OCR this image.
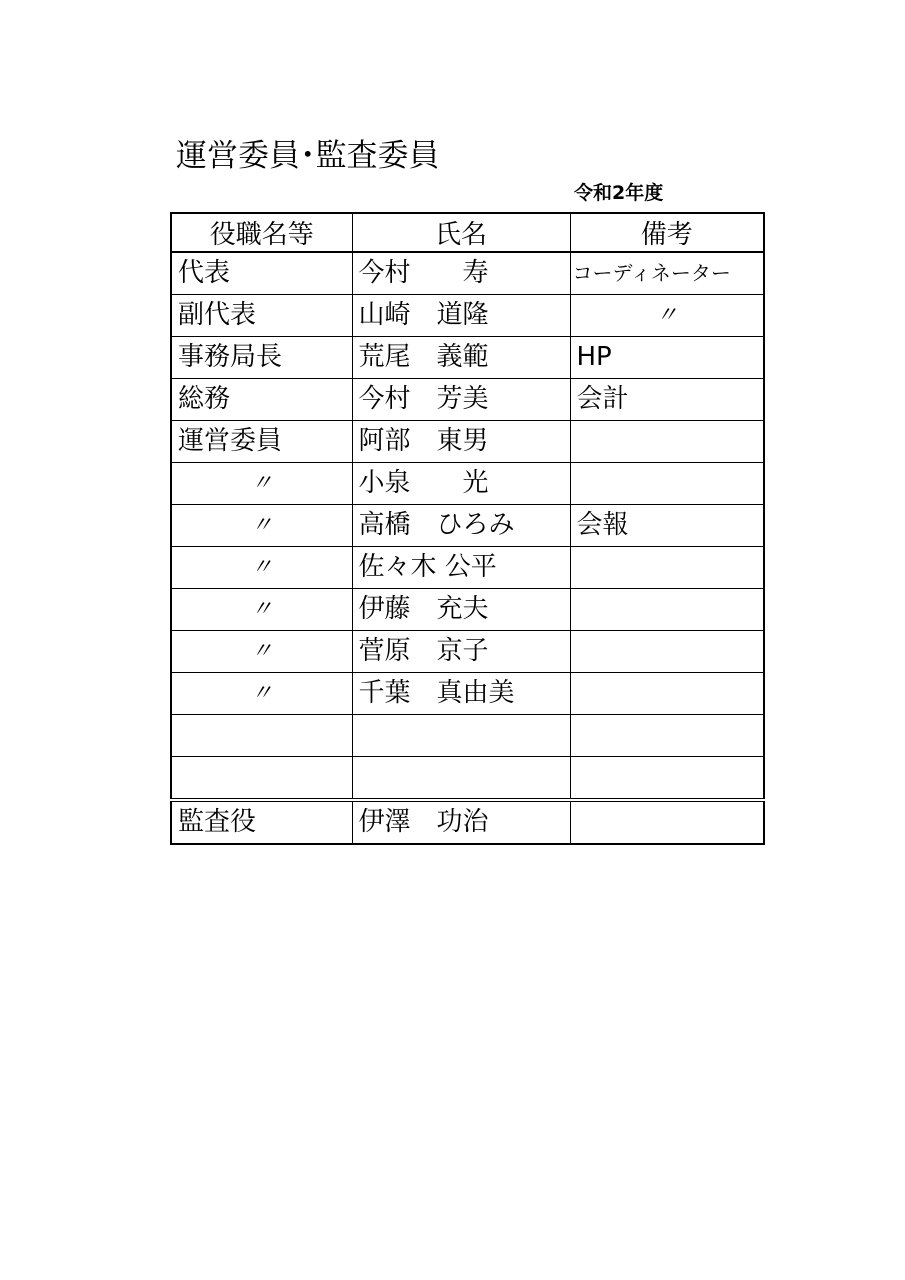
運営委員･監査委員
令和2年度
役職名等	氏名	備考
代表	今村　　寿	コーディネーター
副代表	山崎　道隆	〃
事務局長	荒尾　義範	HP
総務	今村　芳美	会計
運営委員	阿部　東男	
〃	小泉　　光	
〃	高橋　ひろみ	会報
〃	佐々木 公平	
〃	伊藤　充夫	
〃	菅原　京子	
〃	千葉　真由美	

監査役	伊澤　功治	
